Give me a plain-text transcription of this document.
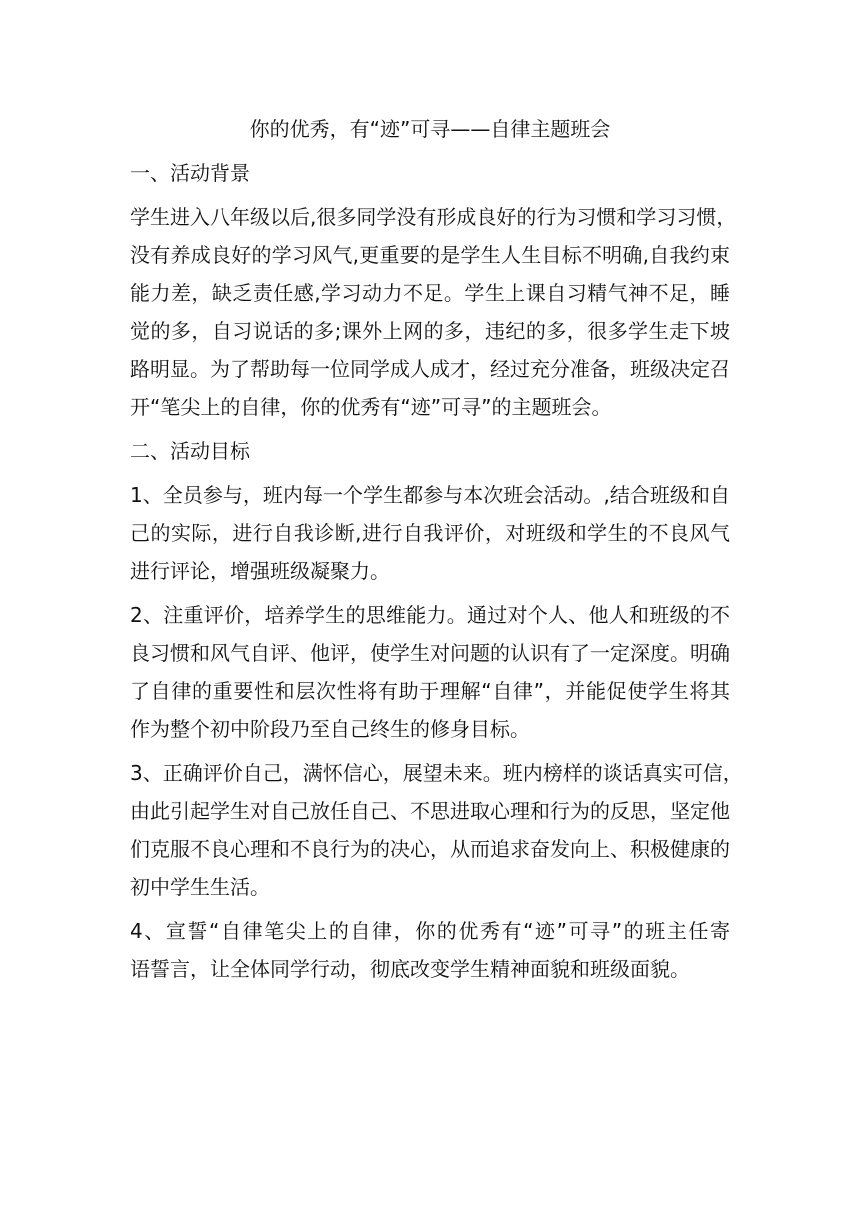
你的优秀，有“迹”可寻——自律主题班会
一、活动背景
学生进入八年级以后,很多同学没有形成良好的行为习惯和学习习惯，
没有养成良好的学习风气,更重要的是学生人生目标不明确,自我约束
能力差，缺乏责任感,学习动力不足。学生上课自习精气神不足，睡
觉的多，自习说话的多;课外上网的多，违纪的多，很多学生走下坡
路明显。为了帮助每一位同学成人成才，经过充分准备，班级决定召
开“笔尖上的自律，你的优秀有“迹”可寻”的主题班会。
二、活动目标
1、全员参与，班内每一个学生都参与本次班会活动。,结合班级和自
己的实际，进行自我诊断,进行自我评价，对班级和学生的不良风气
进行评论，增强班级凝聚力。
2、注重评价，培养学生的思维能力。通过对个人、他人和班级的不
良习惯和风气自评、他评，使学生对问题的认识有了一定深度。明确
了自律的重要性和层次性将有助于理解“自律”，并能促使学生将其
作为整个初中阶段乃至自己终生的修身目标。
3、正确评价自己，满怀信心，展望未来。班内榜样的谈话真实可信，
由此引起学生对自己放任自己、不思进取心理和行为的反思，坚定他
们克服不良心理和不良行为的决心，从而追求奋发向上、积极健康的
初中学生生活。
4、宣誓“自律笔尖上的自律，你的优秀有“迹”可寻”的班主任寄
语誓言，让全体同学行动，彻底改变学生精神面貌和班级面貌。
